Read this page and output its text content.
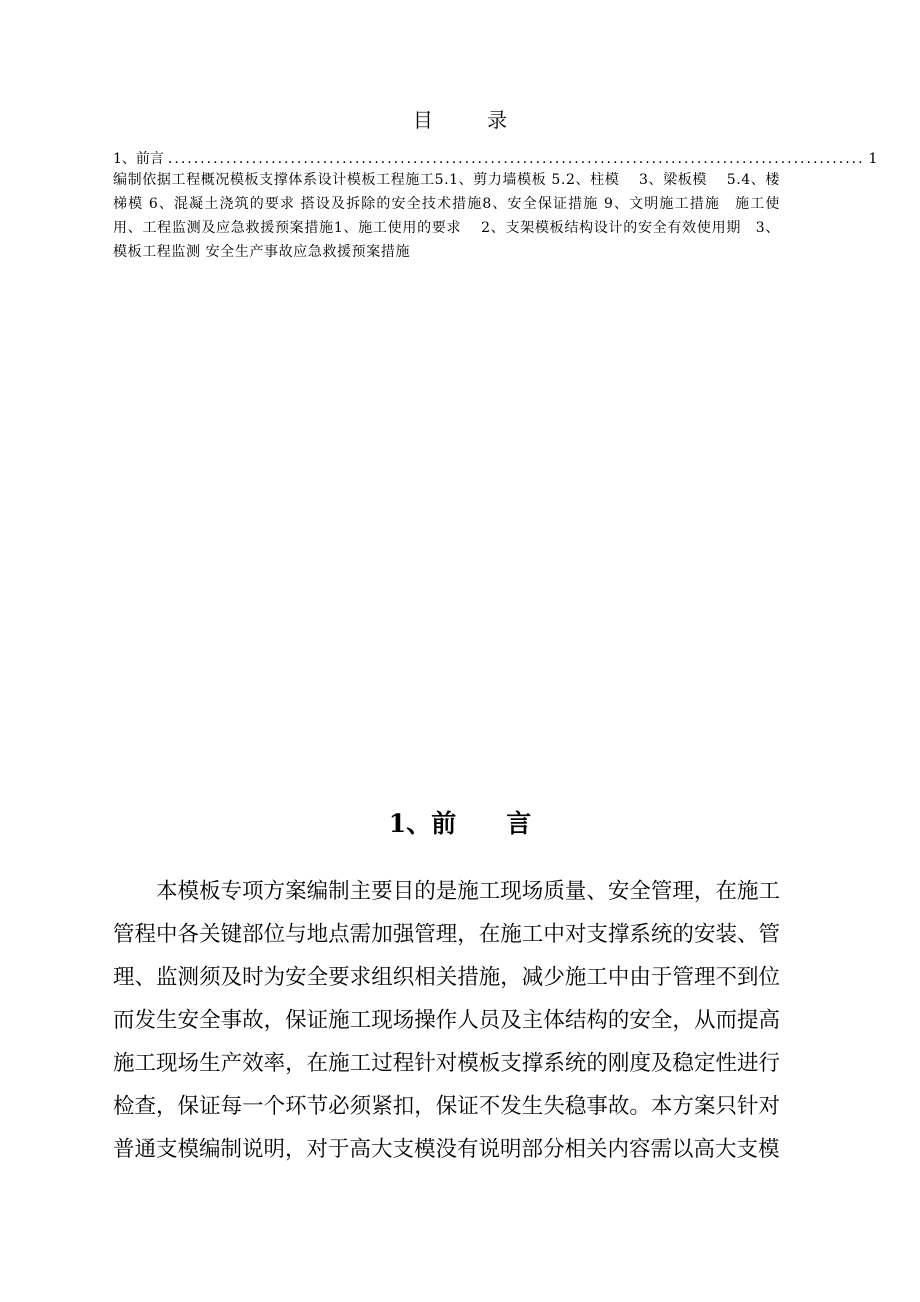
目 录
1、前 言 ............................................................................................................ 1
编制依据工程概况模板支撑体系设计模板工程施工5.1、剪力墙模板 5.2、柱模　 3、梁板模　 5.4、楼梯模 6、混凝土浇筑的要求 搭设及拆除的安全技术措施8、安全保证措施 9、文明施工措施　施工使用、工程监测及应急救援预案措施1、施工使用的要求　 2、支架模板结构设计的安全有效使用期　3、模板工程监测 安全生产事故应急救援预案措施
1、前　　言

本模板专项方案编制主要目的是施工现场质量、安全管理，在施工管程中各关键部位与地点需加强管理，在施工中对支撑系统的安装、管理、监测须及时为安全要求组织相关措施，减少施工中由于管理不到位而发生安全事故，保证施工现场操作人员及主体结构的安全，从而提高施工现场生产效率，在施工过程针对模板支撑系统的刚度及稳定性进行检查，保证每一个环节必须紧扣，保证不发生失稳事故。本方案只针对普通支模编制说明，对于高大支模没有说明部分相关内容需以高大支模
